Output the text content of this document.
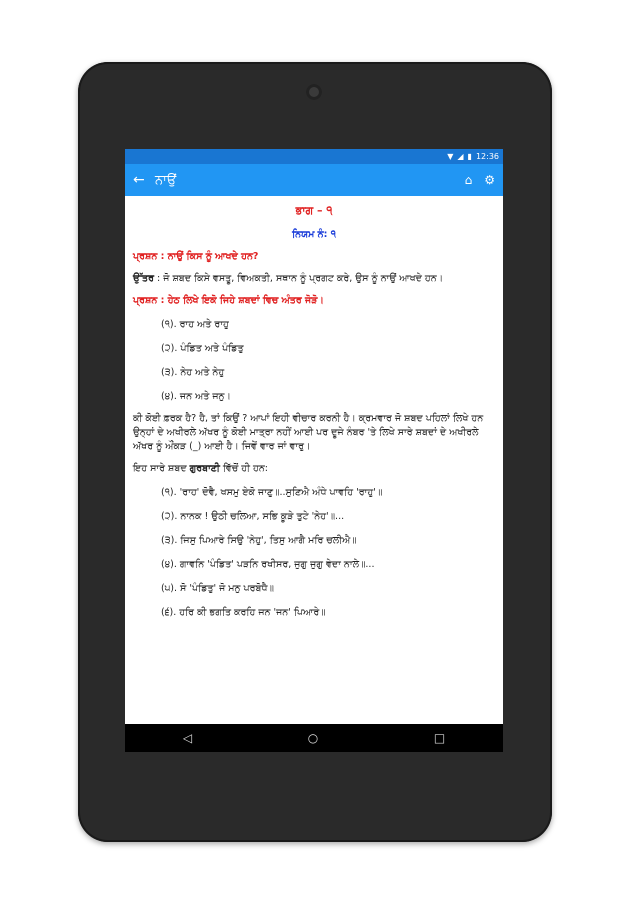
▼ ◢ ▮ 12:36
← ਨਾਉਂ	⌂ ⚙
ਭਾਗ – ੧
ਨਿਯਮ ਨੰ: ੧

ਪ੍ਰਸ਼ਨ : ਨਾਉਂ ਕਿਸ ਨੂੰ ਆਖਦੇ ਹਨ?

ਉੱਤਰ : ਜੋ ਸ਼ਬਦ ਕਿਸੇ ਵਸਤੂ, ਵਿਅਕਤੀ, ਸਥਾਨ ਨੂੰ ਪ੍ਰਗਟ ਕਰੇ, ਉਸ ਨੂੰ ਨਾਉਂ ਆਖਦੇ ਹਨ।

ਪ੍ਰਸ਼ਨ : ਹੇਠ ਲਿਖੇ ਇਕੋ ਜਿਹੇ ਸ਼ਬਦਾਂ ਵਿਚ ਅੰਤਰ ਜੋੜੋ।

(੧). ਰਾਹ ਅਤੇ ਰਾਹੁ
(੨). ਪੰਡਿਤ ਅਤੇ ਪੰਡਿਤੁ
(੩). ਨੇਹ ਅਤੇ ਨੇਹੁ
(੪). ਜਨ ਅਤੇ ਜਨੁ।

ਕੀ ਕੋਈ ਫ਼ਰਕ ਹੈ? ਹੈ, ਤਾਂ ਕਿਉਂ ? ਆਪਾਂ ਇਹੀ ਵੀਚਾਰ ਕਰਨੀ ਹੈ। ਕ੍ਰਮਵਾਰ ਜੋ ਸ਼ਬਦ ਪਹਿਲਾਂ ਲਿਖੇ ਹਨ ਉਨ੍ਹਾਂ ਦੇ ਅਖੀਰਲੇ ਅੱਖਰ ਨੂੰ ਕੋਈ ਮਾਤ੍ਰਾ ਨਹੀਂ ਆਈ ਪਰ ਦੂਜੇ ਨੰਬਰ 'ਤੇ ਲਿਖੇ ਸਾਰੇ ਸ਼ਬਦਾਂ ਦੇ ਅਖੀਰਲੇ ਅੱਖਰ ਨੂੰ ਔਂਕੜ (_) ਆਈ ਹੈ। ਜਿਵੇਂ ਵਾਰ ਜਾਂ ਵਾਰੁ।

ਇਹ ਸਾਰੇ ਸ਼ਬਦ ਗੁਰਬਾਣੀ ਵਿੱਚੋਂ ਹੀ ਹਨ:

(੧). 'ਰਾਹ' ਦੋਵੈ, ਖਸਮੁ ਏਕੋ ਜਾਣੁ॥..ਸੁਣਿਐ ਅੰਧੇ ਪਾਵਹਿ 'ਰਾਹੁ'॥
(੨). ਨਾਨਕ ! ਉਠੀ ਚਲਿਆ, ਸਭਿ ਕੂੜੇ ਤੁਟੇ 'ਨੇਹ'॥...
(੩). ਜਿਸੁ ਪਿਆਰੇ ਸਿਉ 'ਨੇਹੁ', ਤਿਸੁ ਆਗੈ ਮਰਿ ਚਲੀਐ॥
(੪). ਗਾਵਨਿ 'ਪੰਡਿਤ' ਪੜਨਿ ਰਖੀਸਰ, ਜੁਗੁ ਜੁਗੁ ਵੇਦਾ ਨਾਲੇ॥...
(੫). ਸੋ 'ਪੰਡਿਤੁ' ਜੋ ਮਨੁ ਪਰਬੋਧੈ॥
(੬). ਹਰਿ ਕੀ ਭਗਤਿ ਕਰਹਿ ਜਨ 'ਜਨ' ਪਿਆਰੇ॥
◁	○	□
